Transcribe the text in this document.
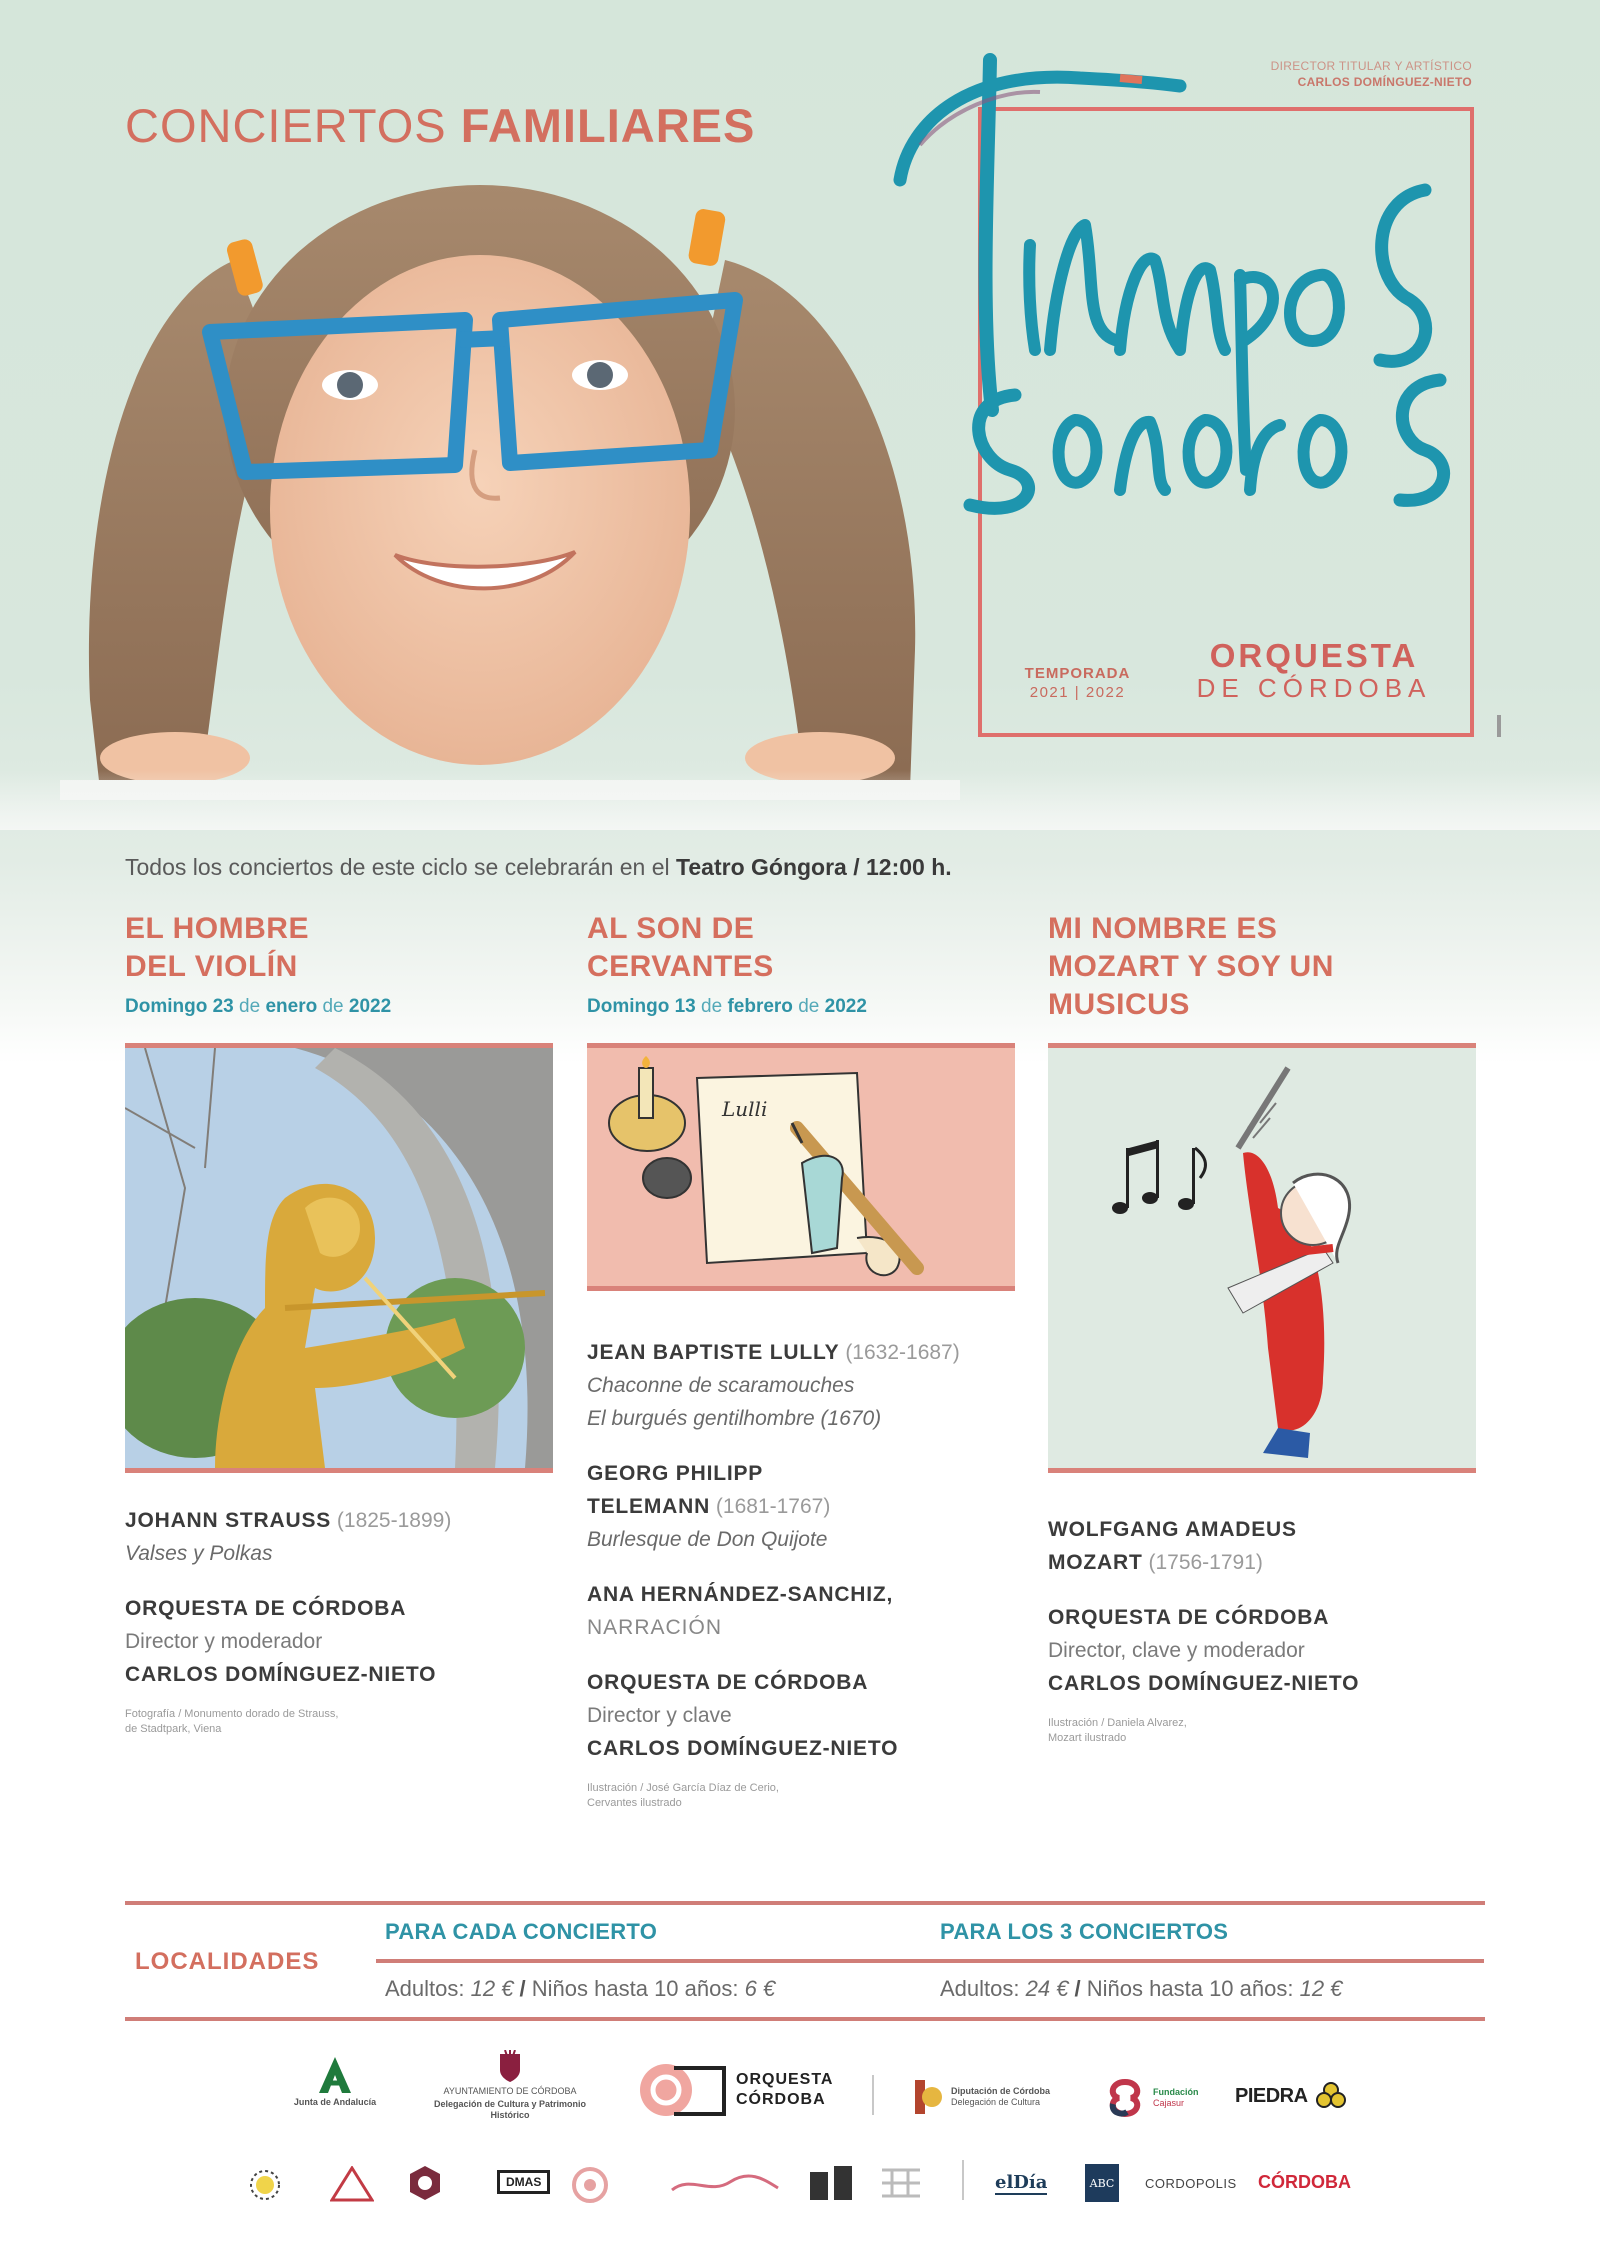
CONCIERTOS FAMILIARES
DIRECTOR TITULAR Y ARTÍSTICO
CARLOS DOMÍNGUEZ-NIETO
TEMPORADA
2021 | 2022
ORQUESTA
DE CÓRDOBA
Todos los conciertos de este ciclo se celebrarán en el Teatro Góngora / 12:00 h.
EL HOMBRE
DEL VIOLÍN
Domingo 23 de enero de 2022
JOHANN STRAUSS (1825-1899)
Valses y Polkas
ORQUESTA DE CÓRDOBA
Director y moderador
CARLOS DOMÍNGUEZ-NIETO
Fotografía / Monumento dorado de Strauss,
de Stadtpark, Viena
AL SON DE
CERVANTES
Domingo 13 de febrero de 2022
Lulli
JEAN BAPTISTE LULLY (1632-1687)
Chaconne de scaramouches
El burgués gentilhombre (1670)
GEORG PHILIPP
TELEMANN (1681-1767)
Burlesque de Don Quijote
ANA HERNÁNDEZ-SANCHIZ,
NARRACIÓN
ORQUESTA DE CÓRDOBA
Director y clave
CARLOS DOMÍNGUEZ-NIETO
Ilustración / José García Díaz de Cerio,
Cervantes ilustrado
MI NOMBRE ES
MOZART Y SOY UN
MUSICUS
WOLFGANG AMADEUS
MOZART (1756-1791)
ORQUESTA DE CÓRDOBA
Director, clave y moderador
CARLOS DOMÍNGUEZ-NIETO
Ilustración / Daniela Alvarez,
Mozart ilustrado
LOCALIDADES
PARA CADA CONCIERTO	PARA LOS 3 CONCIERTOS
Adultos: 12 € / Niños hasta 10 años: 6 €	Adultos: 24 € / Niños hasta 10 años: 12 €
Junta de Andalucía
AYUNTAMIENTO DE CÓRDOBA
Delegación de Cultura y Patrimonio Histórico
ORQUESTA
CÓRDOBA	Diputación de Córdoba
Delegación de Cultura
Fundación
Cajasur	PIEDRA
DMAS	elDía	ABC	CORDOPOLIS CÓRDOBA
